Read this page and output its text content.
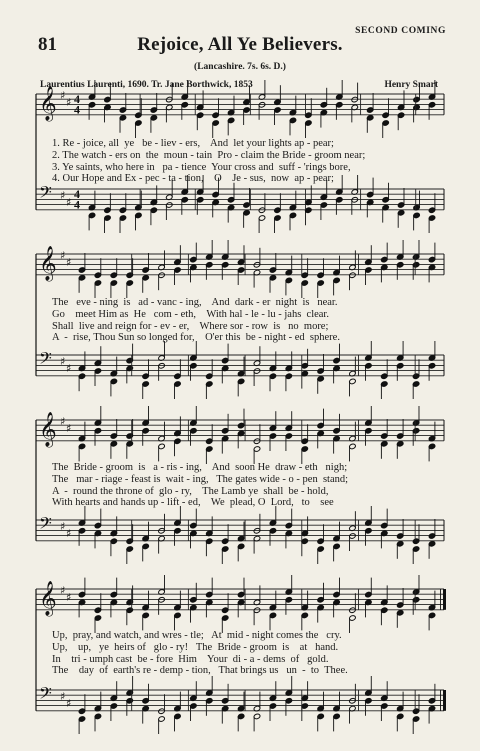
SECOND COMING
81	Rejoice, All Ye Believers.
(Lancashire. 7s. 6s. D.)
Laurentius Laurenti, 1690. Tr. Jane Borthwick, 1853	Henry Smart
𝄞 ♯
♯ 4
4
𝄞 ♯
♯
𝄞 ♯
♯
𝄞 ♯
♯
𝄢 ♯
♯
4
4
𝄢 ♯
♯
𝄢 ♯
♯
𝄢 ♯
♯
1. Re - joice, all  ye   be - liev - ers,    And  let your lights ap - pear;
2. The watch - ers on  the  moun - tain  Pro - claim the Bride - groom near;
3. Ye saints, who here in   pa - tience  Your cross and  suff - 'rings bore,
4. Our Hope and Ex - pec - ta - tion,    O    Je - sus,  now  ap - pear;
The   eve - ning  is   ad - vanc - ing,    And  dark - er  night  is   near.
Go    meet Him as  He   com - eth,    With hal - le - lu - jahs  clear.
Shall  live and reign for - ev - er,    Where sor - row  is   no  more;
A  -  rise, Thou Sun so longed for,    O'er this  be - night - ed  sphere.
The  Bride - groom  is   a - ris - ing,    And  soon He  draw - eth   nigh;
The   mar - riage - feast is  wait - ing,   The gates wide - o - pen  stand;
A  -  round the throne of  glo - ry,    The Lamb ye  shall  be - hold,
With hearts and hands up - lift - ed,    We  plead, O  Lord,   to    see
Up,  pray, and watch, and wres - tle;   At  mid - night comes the   cry.
Up,    up,   ye  heirs of   glo - ry!   The  Bride - groom  is    at   hand.
In    tri - umph cast  be - fore  Him    Your  di - a - dems  of   gold.
The    day  of  earth's re - demp - tion,   That brings us   un  -  to  Thee.
